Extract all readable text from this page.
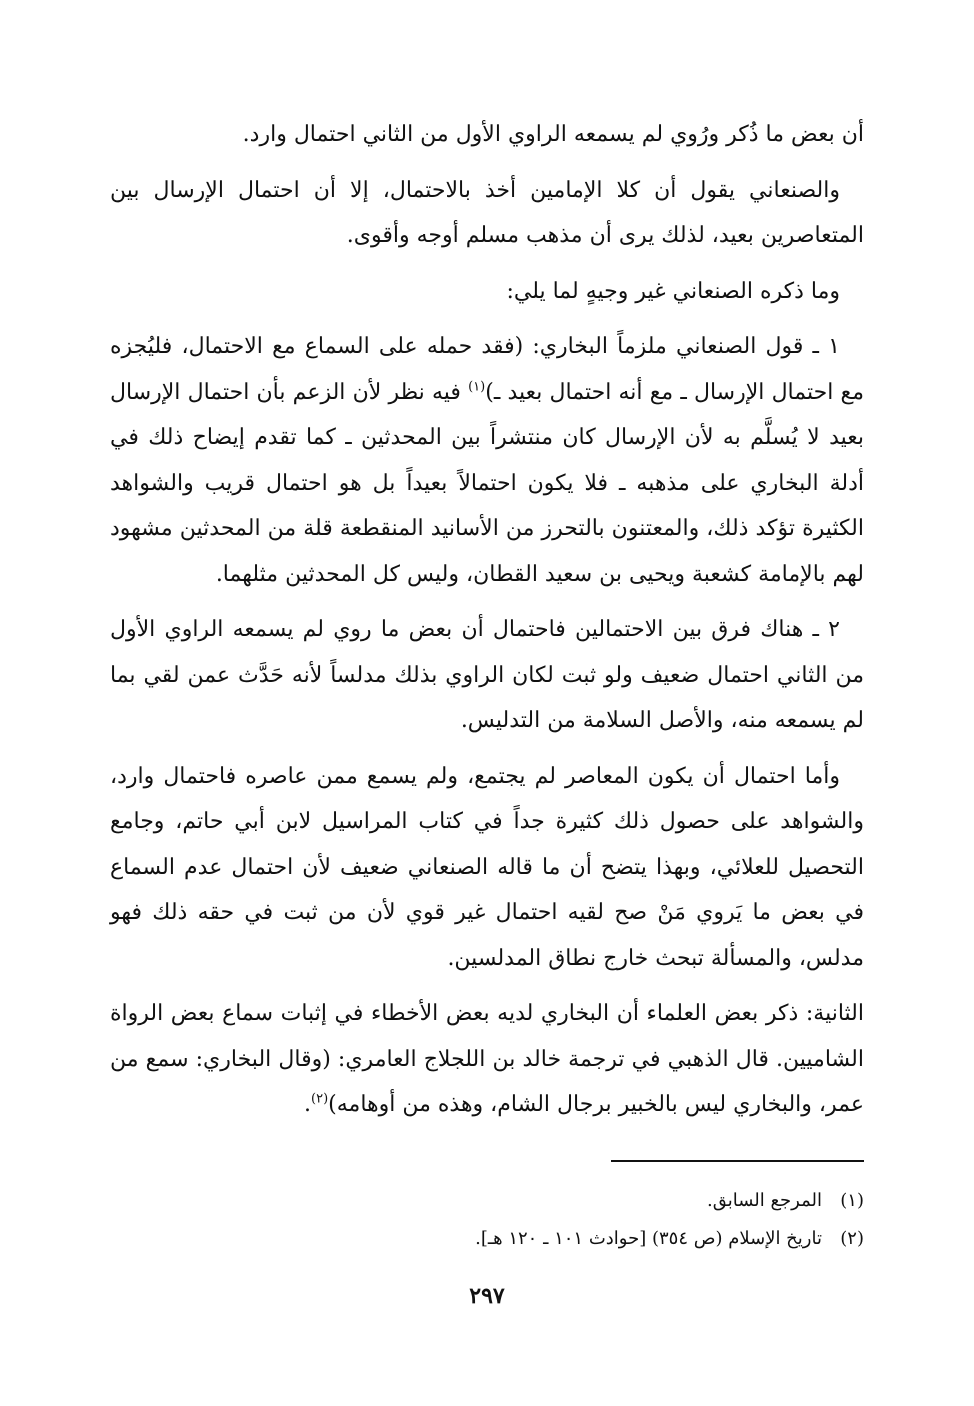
أن بعض ما ذُكر ورُوي لم يسمعه الراوي الأول من الثاني احتمال وارد.

والصنعاني يقول أن كلا الإمامين أخذ بالاحتمال، إلا أن احتمال الإرسال بين المتعاصرين بعيد، لذلك يرى أن مذهب مسلم أوجه وأقوى.

وما ذكره الصنعاني غير وجيهٍ لما يلي:

١ ـ قول الصنعاني ملزماً البخاري: (فقد حمله على السماع مع الاحتمال، فليُجزه مع احتمال الإرسال ـ مع أنه احتمال بعيد ـ)$^{(١)}$ فيه نظر لأن الزعم بأن احتمال الإرسال بعيد لا يُسلَّم به لأن الإرسال كان منتشراً بين المحدثين ـ كما تقدم إيضاح ذلك في أدلة البخاري على مذهبه ـ فلا يكون احتمالاً بعيداً بل هو احتمال قريب والشواهد الكثيرة تؤكد ذلك، والمعتنون بالتحرز من الأسانيد المنقطعة قلة من المحدثين مشهود لهم بالإمامة كشعبة ويحيى بن سعيد القطان، وليس كل المحدثين مثلهما.

٢ ـ هناك فرق بين الاحتمالين فاحتمال أن بعض ما روي لم يسمعه الراوي الأول من الثاني احتمال ضعيف ولو ثبت لكان الراوي بذلك مدلساً لأنه حَدَّث عمن لقي بما لم يسمعه منه، والأصل السلامة من التدليس.

وأما احتمال أن يكون المعاصر لم يجتمع، ولم يسمع ممن عاصره فاحتمال وارد، والشواهد على حصول ذلك كثيرة جداً في كتاب المراسيل لابن أبي حاتم، وجامع التحصيل للعلائي، وبهذا يتضح أن ما قاله الصنعاني ضعيف لأن احتمال عدم السماع في بعض ما يَروي مَنْ صح لقيه احتمال غير قوي لأن من ثبت في حقه ذلك فهو مدلس، والمسألة تبحث خارج نطاق المدلسين.

الثانية: ذكر بعض العلماء أن البخاري لديه بعض الأخطاء في إثبات سماع بعض الرواة الشاميين. قال الذهبي في ترجمة خالد بن اللجلاج العامري: (وقال البخاري: سمع من عمر، والبخاري ليس بالخبير برجال الشام، وهذه من أوهامه)$^{(٢)}$.

(١)المرجع السابق.
(٢)تاريخ الإسلام (ص ٣٥٤) [حوادث ١٠١ ـ ١٢٠ هـ].
٢٩٧
